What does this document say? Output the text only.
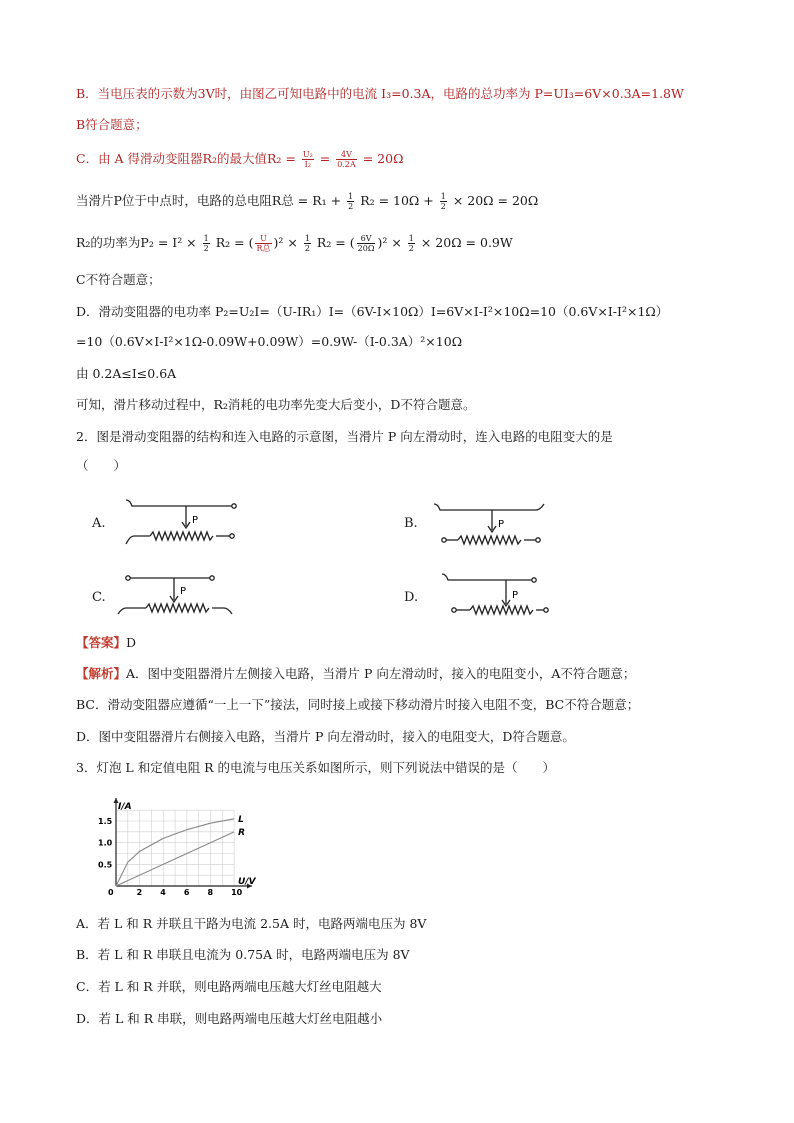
B．当电压表的示数为3V时，由图乙可知电路中的电流 I₃=0.3A，电路的总功率为 P=UI₃=6V×0.3A=1.8W
B符合题意；
C．由 A 得滑动变阻器R₂的最大值$R_2 = \frac{\text{U₂}}{\text{I₂}} = \frac{4V}{0.2A} = 20\Omega$
当滑片P位于中点时，电路的总电阻R总 = $R_1 + \frac{1}{2} R_2 = 10\Omega + \frac{1}{2} \times 20\Omega = 20\Omega$
R₂的功率为$P_2 = I^2 \times \frac{1}{2} R_2$ = ( $\frac{U}{\text{R总}} )^2 \times \frac{1}{2} R_2$ = ( $\frac{6V}{20\Omega} )^2 \times \frac{1}{2} \times 20\Omega = 0.9W$
C不符合题意；
D．滑动变阻器的电功率 P₂=U₂I=（U-IR₁）I=（6V-I×10Ω）I=6V×I-I²×10Ω=10（0.6V×I-I²×1Ω）
=10（0.6V×I-I²×1Ω-0.09W+0.09W）=0.9W-（I-0.3A）²×10Ω
由 0.2A≤I≤0.6A
可知，滑片移动过程中，R₂消耗的电功率先变大后变小，D不符合题意。
2．图是滑动变阻器的结构和连入电路的示意图，当滑片 P 向左滑动时，连入电路的电阻变大的是
（　　）
A.	B.
C.	D.
P	P
P	P
【答案】D
【解析】A．图中变阻器滑片左侧接入电路，当滑片 P 向左滑动时，接入的电阻变小，A不符合题意；
BC．滑动变阻器应遵循“一上一下”接法，同时接上或接下移动滑片时接入电阻不变，BC不符合题意；
D．图中变阻器滑片右侧接入电路，当滑片 P 向左滑动时，接入的电阻变大，D符合题意。
3．灯泡 L 和定值电阻 R 的电流与电压关系如图所示，则下列说法中错误的是（　　）
0	2 4 6 8 10
0.5
1.0
1.5	L
R
I/A
U/V
A．若 L 和 R 并联且干路为电流 2.5A 时，电路两端电压为 8V
B．若 L 和 R 串联且电流为 0.75A 时，电路两端电压为 8V
C．若 L 和 R 并联，则电路两端电压越大灯丝电阻越大
D．若 L 和 R 串联，则电路两端电压越大灯丝电阻越小
